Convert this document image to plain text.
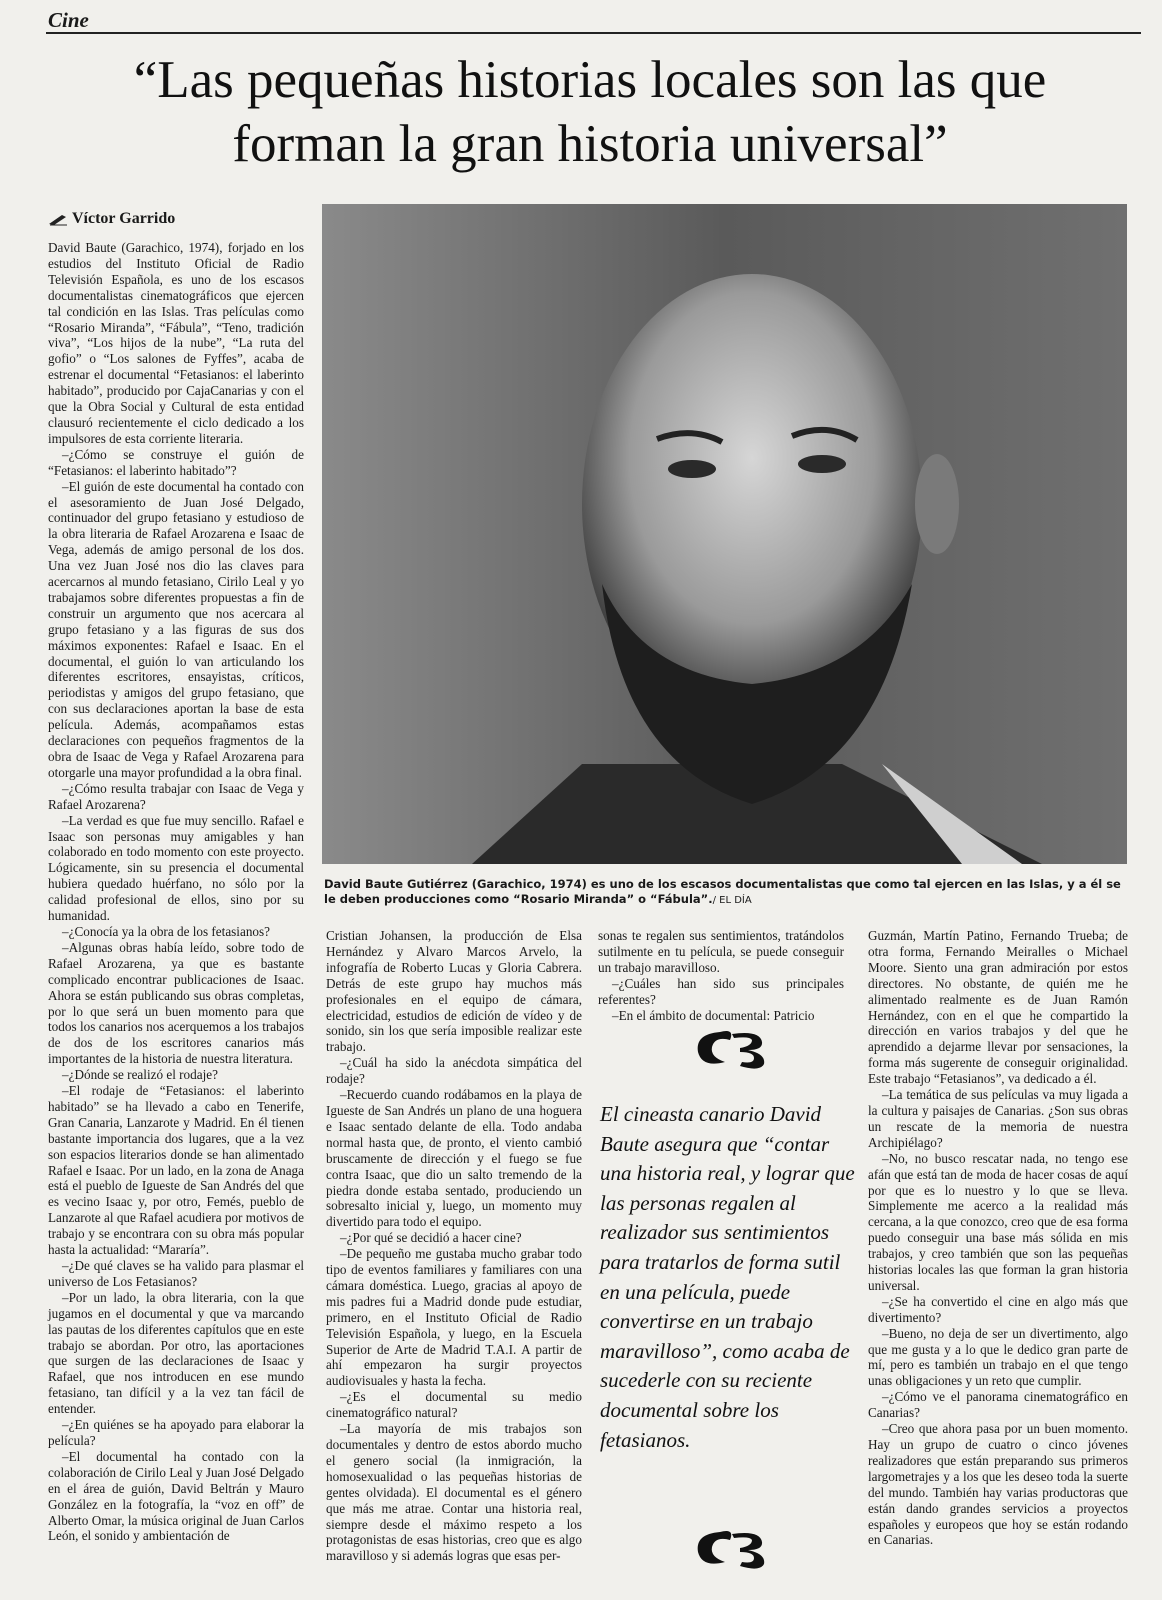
Cine
“Las pequeñas historias locales son las que forman la gran historia universal”
Víctor Garrido

David Baute (Garachico, 1974), forjado en los estudios del Instituto Oficial de Radio Televisión Española, es uno de los escasos documentalistas cinematográficos que ejercen tal condición en las Islas. Tras películas como “Rosario Miranda”, “Fábula”, “Teno, tradición viva”, “Los hijos de la nube”, “La ruta del gofio” o “Los salones de Fyffes”, acaba de estrenar el documental “Fetasianos: el laberinto habitado”, producido por CajaCanarias y con el que la Obra Social y Cultural de esta entidad clausuró recientemente el ciclo dedicado a los impulsores de esta corriente literaria.

–¿Cómo se construye el guión de “Fetasianos: el laberinto habitado”?

–El guión de este documental ha contado con el asesoramiento de Juan José Delgado, continuador del grupo fetasiano y estudioso de la obra literaria de Rafael Arozarena e Isaac de Vega, además de amigo personal de los dos. Una vez Juan José nos dio las claves para acercarnos al mundo fetasiano, Cirilo Leal y yo trabajamos sobre diferentes propuestas a fin de construir un argumento que nos acercara al grupo fetasiano y a las figuras de sus dos máximos exponentes: Rafael e Isaac. En el documental, el guión lo van articulando los diferentes escritores, ensayistas, críticos, periodistas y amigos del grupo fetasiano, que con sus declaraciones aportan la base de esta película. Además, acompañamos estas declaraciones con pequeños fragmentos de la obra de Isaac de Vega y Rafael Arozarena para otorgarle una mayor profundidad a la obra final.

–¿Cómo resulta trabajar con Isaac de Vega y Rafael Arozarena?

–La verdad es que fue muy sencillo. Rafael e Isaac son personas muy amigables y han colaborado en todo momento con este proyecto. Lógicamente, sin su presencia el documental hubiera quedado huérfano, no sólo por la calidad profesional de ellos, sino por su humanidad.

–¿Conocía ya la obra de los fetasianos?

–Algunas obras había leído, sobre todo de Rafael Arozarena, ya que es bastante complicado encontrar publicaciones de Isaac. Ahora se están publicando sus obras completas, por lo que será un buen momento para que todos los canarios nos acerquemos a los trabajos de dos de los escritores canarios más importantes de la historia de nuestra literatura.

–¿Dónde se realizó el rodaje?

–El rodaje de “Fetasianos: el laberinto habitado” se ha llevado a cabo en Tenerife, Gran Canaria, Lanzarote y Madrid. En él tienen bastante importancia dos lugares, que a la vez son espacios literarios donde se han alimentado Rafael e Isaac. Por un lado, en la zona de Anaga está el pueblo de Igueste de San Andrés del que es vecino Isaac y, por otro, Femés, pueblo de Lanzarote al que Rafael acudiera por motivos de trabajo y se encontrara con su obra más popular hasta la actualidad: “Mararía”.

–¿De qué claves se ha valido para plasmar el universo de Los Fetasianos?

–Por un lado, la obra literaria, con la que jugamos en el documental y que va marcando las pautas de los diferentes capítulos que en este trabajo se abordan. Por otro, las aportaciones que surgen de las declaraciones de Isaac y Rafael, que nos introducen en ese mundo fetasiano, tan difícil y a la vez tan fácil de entender.

–¿En quiénes se ha apoyado para elaborar la película?

–El documental ha contado con la colaboración de Cirilo Leal y Juan José Delgado en el área de guión, David Beltrán y Mauro González en la fotografía, la “voz en off” de Alberto Omar, la música original de Juan Carlos León, el sonido y ambientación de

David Baute Gutiérrez (Garachico, 1974) es uno de los escasos documentalistas que como tal ejercen en las Islas, y a él se le deben producciones como “Rosario Miranda” o “Fábula”./ EL DÍA

Cristian Johansen, la producción de Elsa Hernández y Alvaro Marcos Arvelo, la infografía de Roberto Lucas y Gloria Cabrera. Detrás de este grupo hay muchos más profesionales en el equipo de cámara, electricidad, estudios de edición de vídeo y de sonido, sin los que sería imposible realizar este trabajo.

–¿Cuál ha sido la anécdota simpática del rodaje?

–Recuerdo cuando rodábamos en la playa de Igueste de San Andrés un plano de una hoguera e Isaac sentado delante de ella. Todo andaba normal hasta que, de pronto, el viento cambió bruscamente de dirección y el fuego se fue contra Isaac, que dio un salto tremendo de la piedra donde estaba sentado, produciendo un sobresalto inicial y, luego, un momento muy divertido para todo el equipo.

–¿Por qué se decidió a hacer cine?

–De pequeño me gustaba mucho grabar todo tipo de eventos familiares y familiares con una cámara doméstica. Luego, gracias al apoyo de mis padres fui a Madrid donde pude estudiar, primero, en el Instituto Oficial de Radio Televisión Española, y luego, en la Escuela Superior de Arte de Madrid T.A.I. A partir de ahí empezaron ha surgir proyectos audiovisuales y hasta la fecha.

–¿Es el documental su medio cinematográfico natural?

–La mayoría de mis trabajos son documentales y dentro de estos abordo mucho el genero social (la inmigración, la homosexualidad o las pequeñas historias de gentes olvidada). El documental es el género que más me atrae. Contar una historia real, siempre desde el máximo respeto a los protagonistas de esas historias, creo que es algo maravilloso y si además logras que esas per-

sonas te regalen sus sentimientos, tratándolos sutilmente en tu película, se puede conseguir un trabajo maravilloso.

–¿Cuáles han sido sus principales referentes?

–En el ámbito de documental: Patricio

El cineasta canario David Baute asegura que “contar una historia real, y lograr que las personas regalen al realizador sus sentimientos para tratarlos de forma sutil en una película, puede convertirse en un trabajo maravilloso”, como acaba de sucederle con su reciente documental sobre los fetasianos.

Guzmán, Martín Patino, Fernando Trueba; de otra forma, Fernando Meiralles o Michael Moore. Siento una gran admiración por estos directores. No obstante, de quién me he alimentado realmente es de Juan Ramón Hernández, con en el que he compartido la dirección en varios trabajos y del que he aprendido a dejarme llevar por sensaciones, la forma más sugerente de conseguir originalidad. Este trabajo “Fetasianos”, va dedicado a él.

–La temática de sus películas va muy ligada a la cultura y paisajes de Canarias. ¿Son sus obras un rescate de la memoria de nuestra Archipiélago?

–No, no busco rescatar nada, no tengo ese afán que está tan de moda de hacer cosas de aquí por que es lo nuestro y lo que se lleva. Simplemente me acerco a la realidad más cercana, a la que conozco, creo que de esa forma puedo conseguir una base más sólida en mis trabajos, y creo también que son las pequeñas historias locales las que forman la gran historia universal.

–¿Se ha convertido el cine en algo más que divertimento?

–Bueno, no deja de ser un divertimento, algo que me gusta y a lo que le dedico gran parte de mí, pero es también un trabajo en el que tengo unas obligaciones y un reto que cumplir.

–¿Cómo ve el panorama cinematográfico en Canarias?

–Creo que ahora pasa por un buen momento. Hay un grupo de cuatro o cinco jóvenes realizadores que están preparando sus primeros largometrajes y a los que les deseo toda la suerte del mundo. También hay varias productoras que están dando grandes servicios a proyectos españoles y europeos que hoy se están rodando en Canarias.
